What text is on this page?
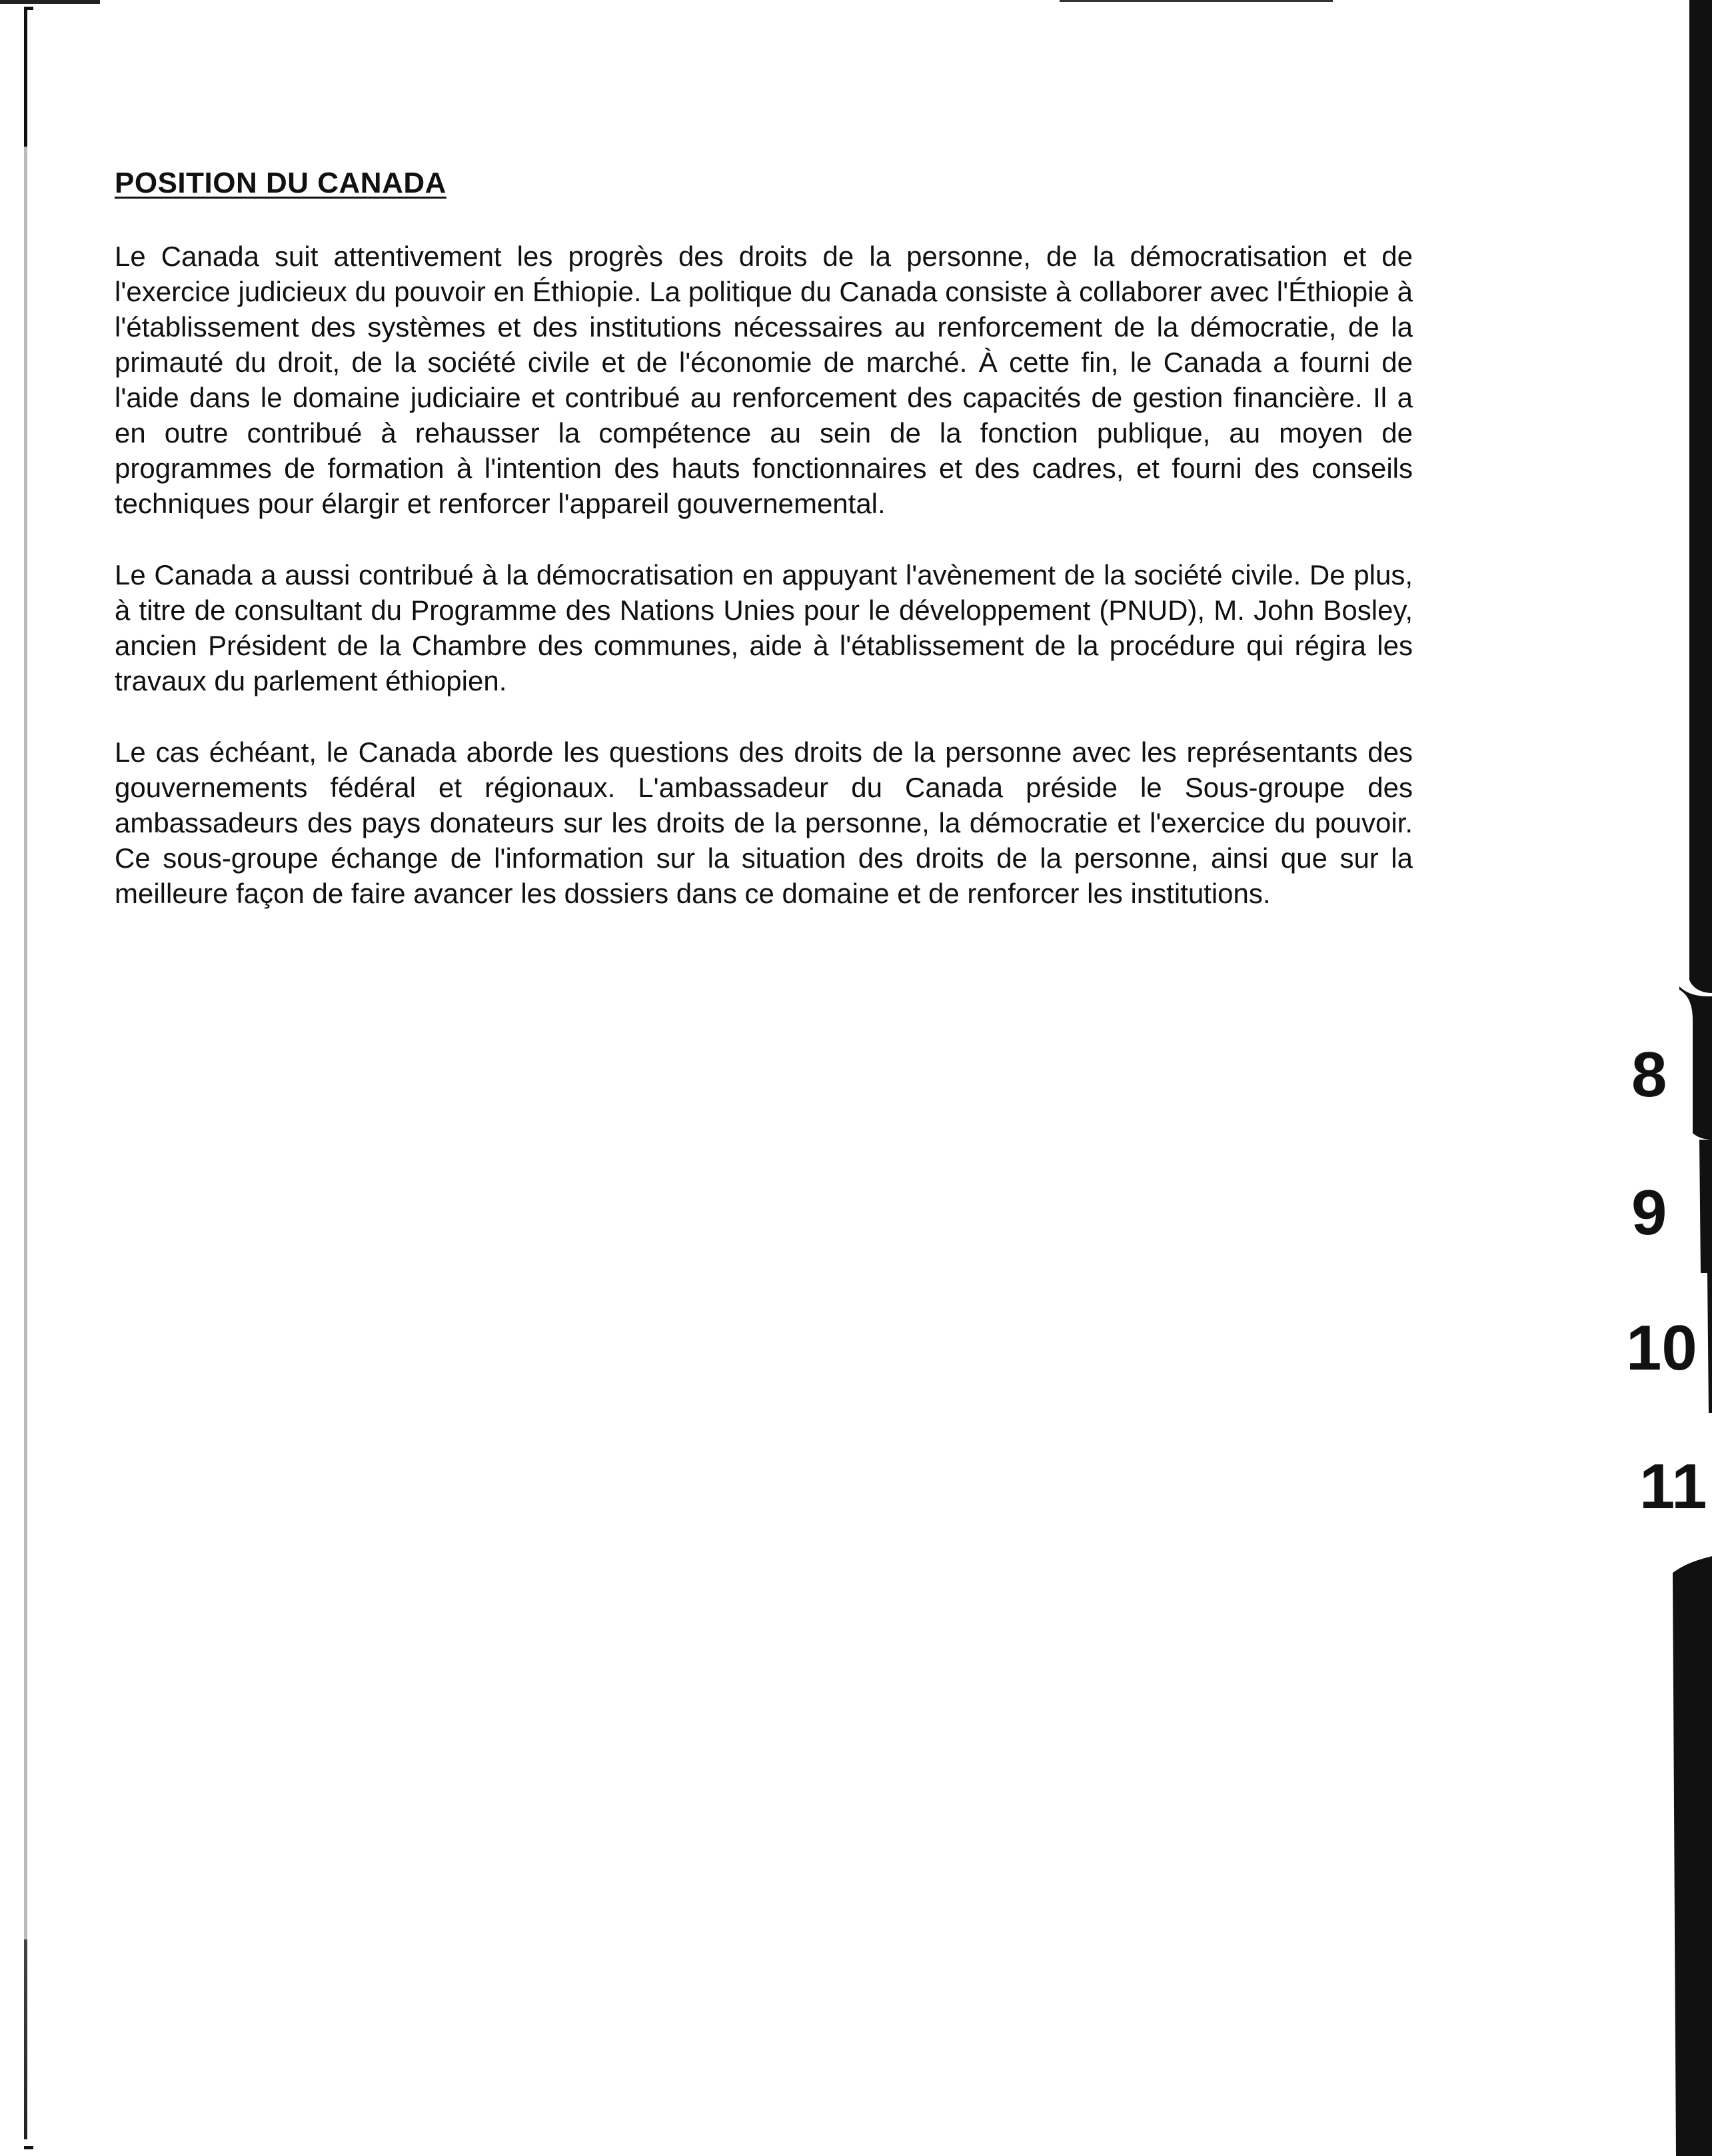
8
9
10
11
POSITION DU CANADA

Le Canada suit attentivement les progrès des droits de la personne, de la démocratisation et de l'exercice judicieux du pouvoir en Éthiopie. La politique du Canada consiste à collaborer avec l'Éthiopie à l'établissement des systèmes et des institutions nécessaires au renforcement de la démocratie, de la primauté du droit, de la société civile et de l'économie de marché. À cette fin, le Canada a fourni de l'aide dans le domaine judiciaire et contribué au renforcement des capacités de gestion financière. Il a en outre contribué à rehausser la compétence au sein de la fonction publique, au moyen de programmes de formation à l'intention des hauts fonctionnaires et des cadres, et fourni des conseils techniques pour élargir et renforcer l'appareil gouvernemental.

Le Canada a aussi contribué à la démocratisation en appuyant l'avènement de la société civile. De plus, à titre de consultant du Programme des Nations Unies pour le développement (PNUD), M. John Bosley, ancien Président de la Chambre des communes, aide à l'établissement de la procédure qui régira les travaux du parlement éthiopien.

Le cas échéant, le Canada aborde les questions des droits de la personne avec les représentants des gouvernements fédéral et régionaux. L'ambassadeur du Canada préside le Sous-groupe des ambassadeurs des pays donateurs sur les droits de la personne, la démocratie et l'exercice du pouvoir. Ce sous-groupe échange de l'information sur la situation des droits de la personne, ainsi que sur la meilleure façon de faire avancer les dossiers dans ce domaine et de renforcer les institutions.
